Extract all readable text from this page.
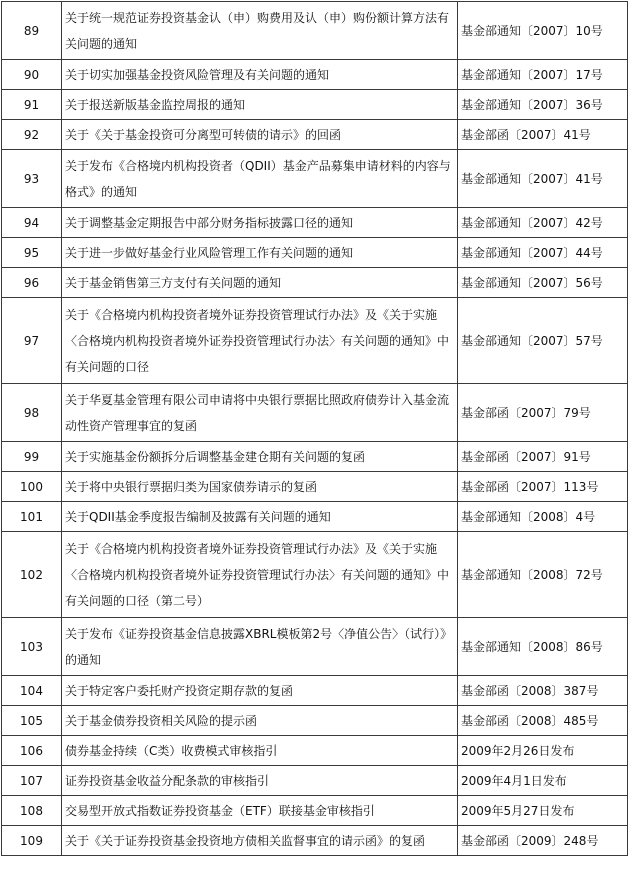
89	关于统一规范证券投资基金认（申）购费用及认（申）购份额计算方法有关问题的通知	基金部通知〔2007〕10号
90	关于切实加强基金投资风险管理及有关问题的通知	基金部通知〔2007〕17号
91	关于报送新版基金监控周报的通知	基金部通知〔2007〕36号
92	关于《关于基金投资可分离型可转债的请示》的回函	基金部函〔2007〕41号
93	关于发布《合格境内机构投资者（QDII）基金产品募集申请材料的内容与格式》的通知	基金部通知〔2007〕41号
94	关于调整基金定期报告中部分财务指标披露口径的通知	基金部通知〔2007〕42号
95	关于进一步做好基金行业风险管理工作有关问题的通知	基金部通知〔2007〕44号
96	关于基金销售第三方支付有关问题的通知	基金部通知〔2007〕56号
97	关于《合格境内机构投资者境外证券投资管理试行办法》及《关于实施〈合格境内机构投资者境外证券投资管理试行办法〉有关问题的通知》中有关问题的口径	基金部通知〔2007〕57号
98	关于华夏基金管理有限公司申请将中央银行票据比照政府债券计入基金流动性资产管理事宜的复函	基金部函〔2007〕79号
99	关于实施基金份额拆分后调整基金建仓期有关问题的复函	基金部函〔2007〕91号
100	关于将中央银行票据归类为国家债券请示的复函	基金部函〔2007〕113号
101	关于QDII基金季度报告编制及披露有关问题的通知	基金部通知〔2008〕4号
102	关于《合格境内机构投资者境外证券投资管理试行办法》及《关于实施〈合格境内机构投资者境外证券投资管理试行办法〉有关问题的通知》中有关问题的口径（第二号）	基金部通知〔2008〕72号
103	关于发布《证券投资基金信息披露XBRL模板第2号〈净值公告〉（试行）》的通知	基金部通知〔2008〕86号
104	关于特定客户委托财产投资定期存款的复函	基金部函〔2008〕387号
105	关于基金债券投资相关风险的提示函	基金部函〔2008〕485号
106	债券基金持续（C类）收费模式审核指引	2009年2月26日发布
107	证券投资基金收益分配条款的审核指引	2009年4月1日发布
108	交易型开放式指数证券投资基金（ETF）联接基金审核指引	2009年5月27日发布
109	关于《关于证券投资基金投资地方债相关监督事宜的请示函》的复函	基金部函〔2009〕248号
